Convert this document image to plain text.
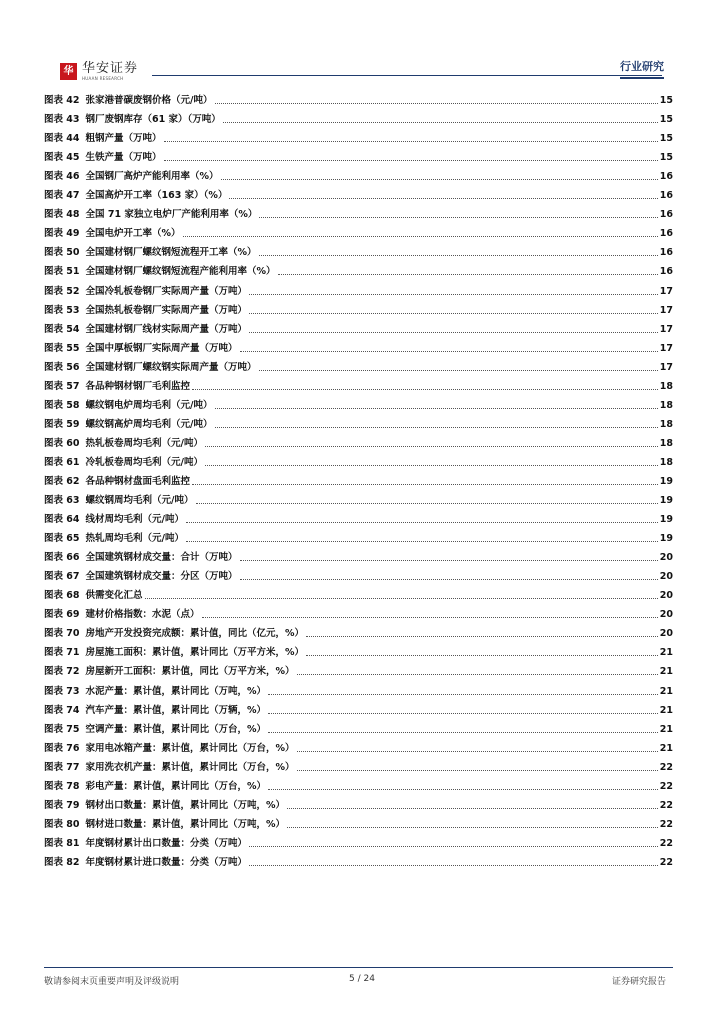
华 华安证券
HUAAN RESEARCH
行业研究
图表 42 张家港普碳废钢价格（元/吨）	15
图表 43 钢厂废钢库存（61 家）（万吨）	15
图表 44 粗钢产量（万吨）	15
图表 45 生铁产量（万吨）	15
图表 46 全国钢厂高炉产能利用率（%）	16
图表 47 全国高炉开工率（163 家）（%）	16
图表 48 全国 71 家独立电炉厂产能利用率（%）	16
图表 49 全国电炉开工率（%）	16
图表 50 全国建材钢厂螺纹钢短流程开工率（%）	16
图表 51 全国建材钢厂螺纹钢短流程产能利用率（%）	16
图表 52 全国冷轧板卷钢厂实际周产量（万吨）	17
图表 53 全国热轧板卷钢厂实际周产量（万吨）	17
图表 54 全国建材钢厂线材实际周产量（万吨）	17
图表 55 全国中厚板钢厂实际周产量（万吨）	17
图表 56 全国建材钢厂螺纹钢实际周产量（万吨）	17
图表 57 各品种钢材钢厂毛利监控	18
图表 58 螺纹钢电炉周均毛利（元/吨）	18
图表 59 螺纹钢高炉周均毛利（元/吨）	18
图表 60 热轧板卷周均毛利（元/吨）	18
图表 61 冷轧板卷周均毛利（元/吨）	18
图表 62 各品种钢材盘面毛利监控	19
图表 63 螺纹钢周均毛利（元/吨）	19
图表 64 线材周均毛利（元/吨）	19
图表 65 热轧周均毛利（元/吨）	19
图表 66 全国建筑钢材成交量：合计（万吨）	20
图表 67 全国建筑钢材成交量：分区（万吨）	20
图表 68 供需变化汇总	20
图表 69 建材价格指数：水泥（点）	20
图表 70 房地产开发投资完成额：累计值，同比（亿元，%）	20
图表 71 房屋施工面积：累计值，累计同比（万平方米，%）	21
图表 72 房屋新开工面积：累计值，同比（万平方米，%）	21
图表 73 水泥产量：累计值，累计同比（万吨，%）	21
图表 74 汽车产量：累计值，累计同比（万辆，%）	21
图表 75 空调产量：累计值，累计同比（万台，%）	21
图表 76 家用电冰箱产量：累计值，累计同比（万台，%）	21
图表 77 家用洗衣机产量：累计值，累计同比（万台，%）	22
图表 78 彩电产量：累计值，累计同比（万台，%）	22
图表 79 钢材出口数量：累计值，累计同比（万吨，%）	22
图表 80 钢材进口数量：累计值，累计同比（万吨，%）	22
图表 81 年度钢材累计出口数量：分类（万吨）	22
图表 82 年度钢材累计进口数量：分类（万吨）	22
敬请参阅末页重要声明及评级说明	5 / 24	证券研究报告
